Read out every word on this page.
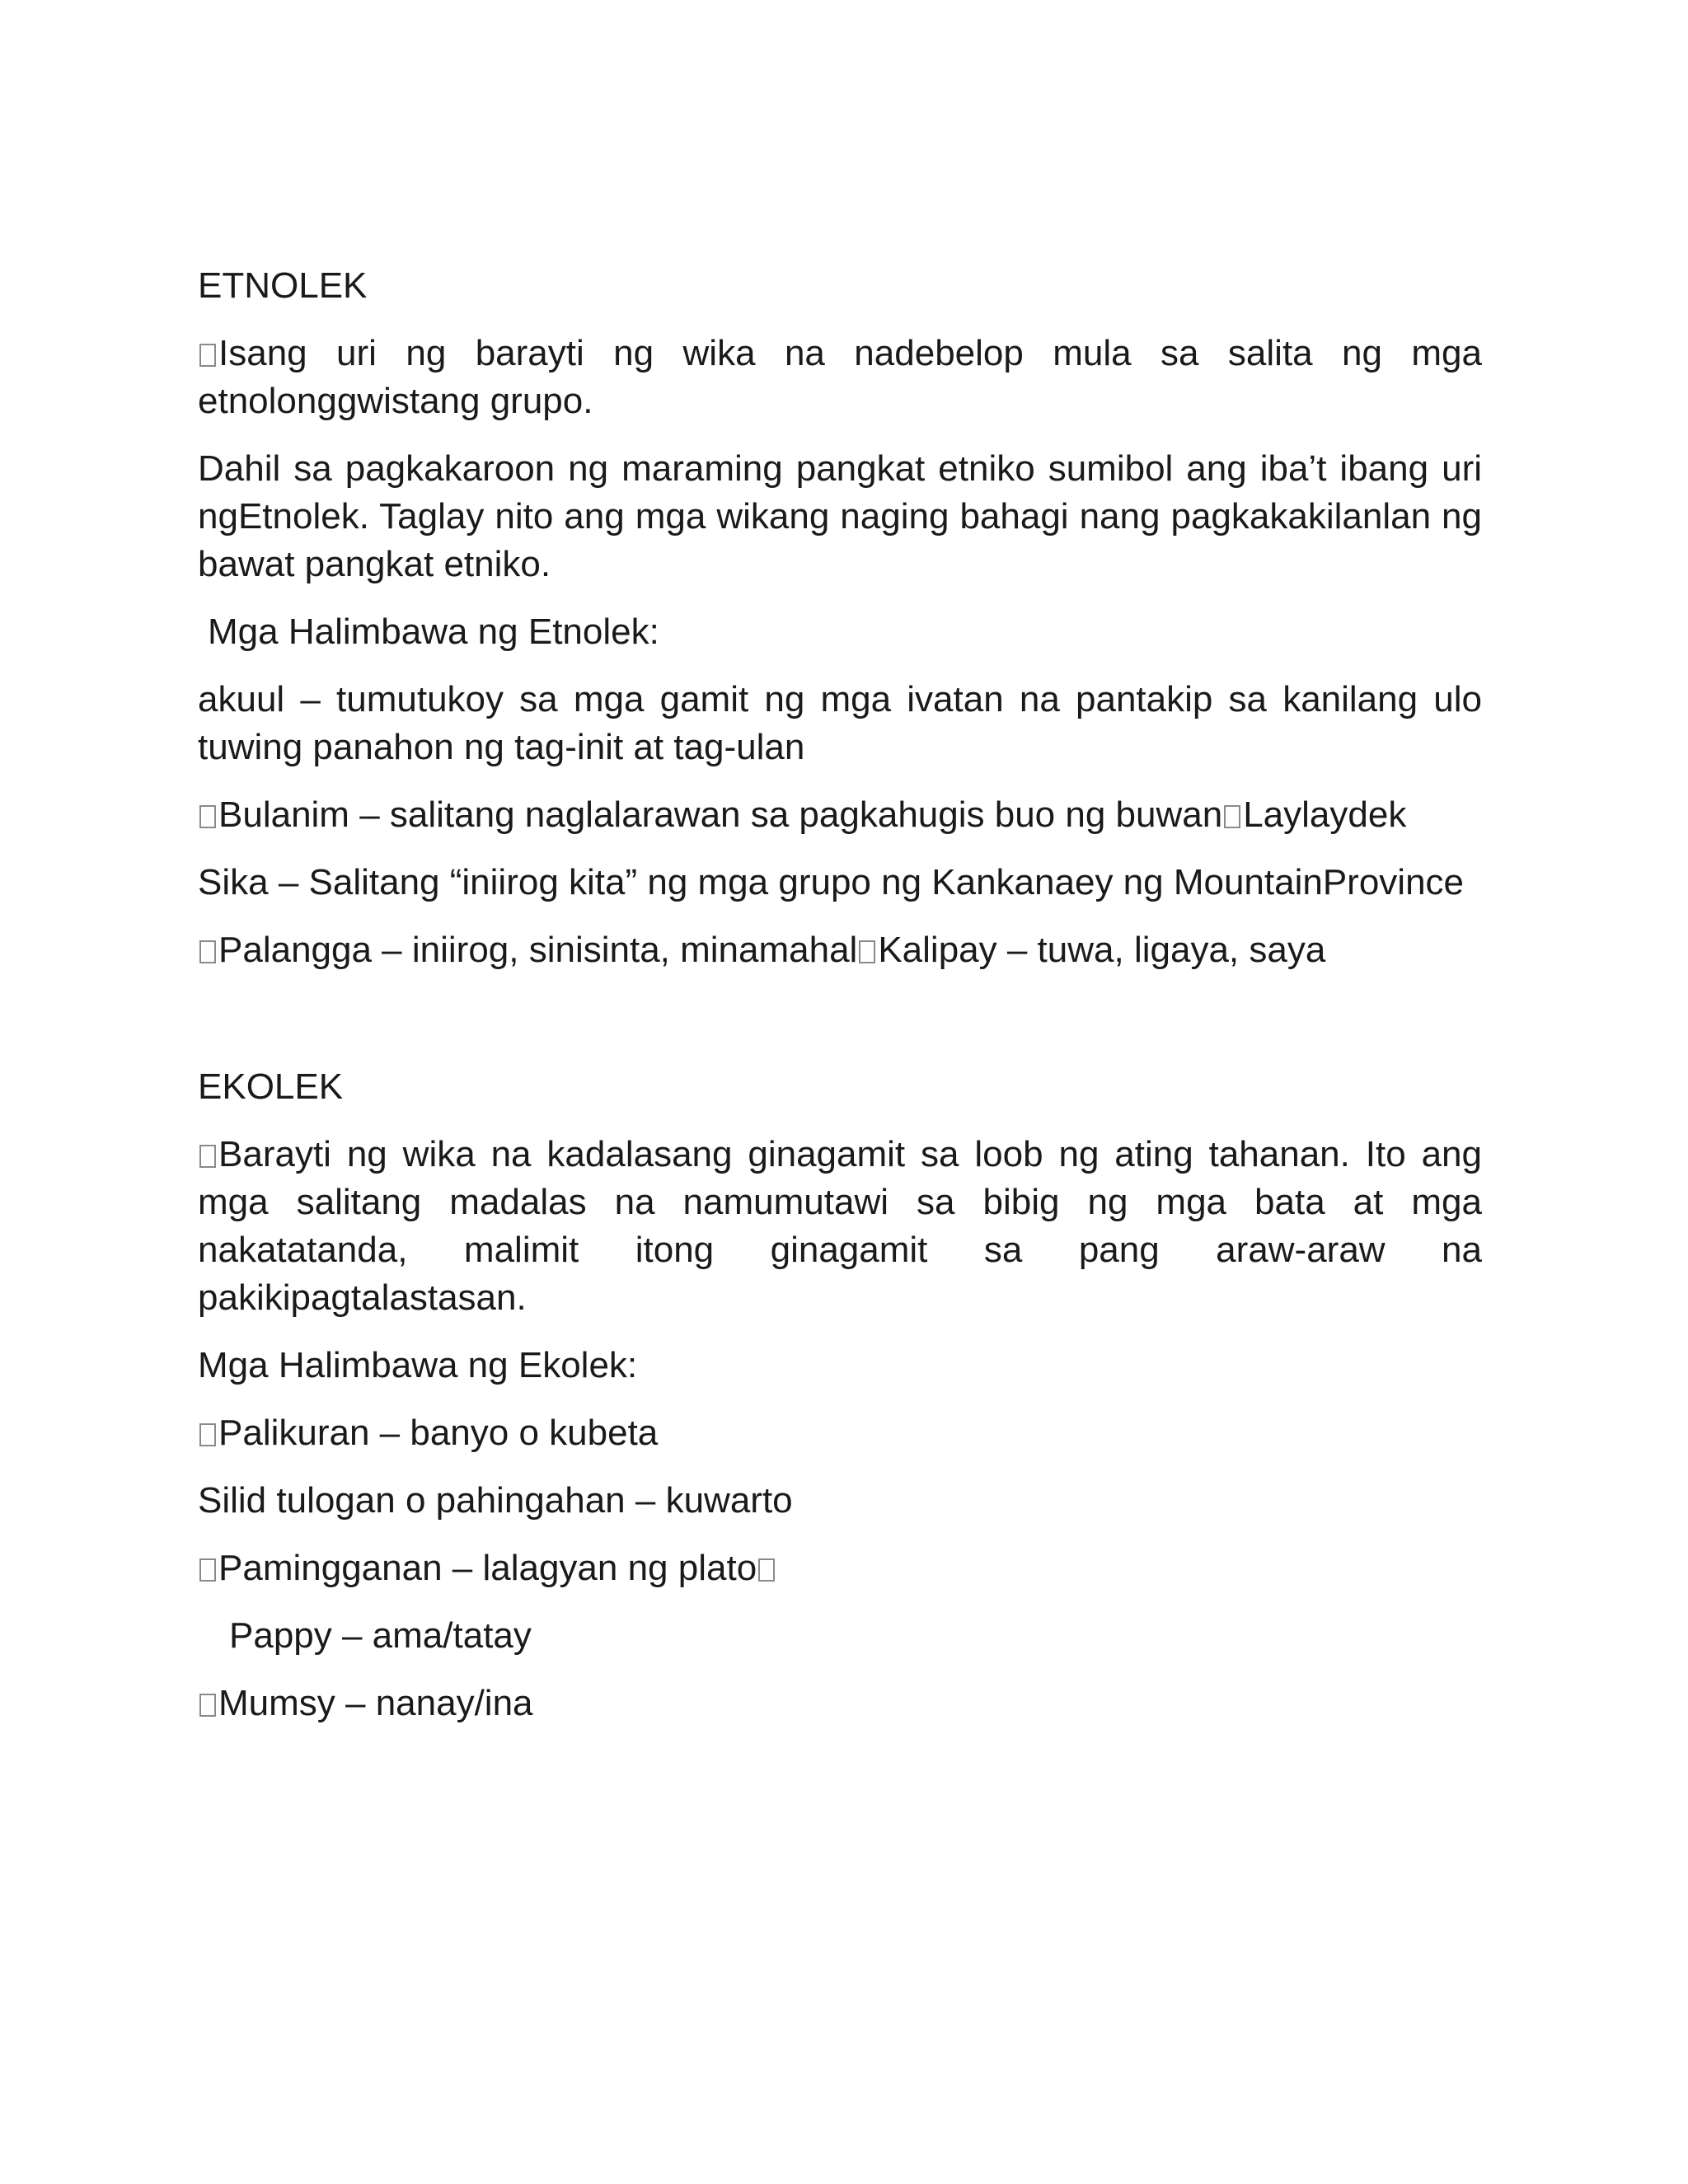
ETNOLEK

Isang uri ng barayti ng wika na nadebelop mula sa salita ng mga etnolonggwistang grupo.

Dahil sa pagkakaroon ng maraming pangkat etniko sumibol ang iba’t ibang uri ngEtnolek. Taglay nito ang mga wikang naging bahagi nang pagkakakilanlan ng bawat pangkat etniko.

Mga Halimbawa ng Etnolek:

akuul – tumutukoy sa mga gamit ng mga ivatan na pantakip sa kanilang ulo tuwing panahon ng tag-init at tag-ulan

Bulanim – salitang naglalarawan sa pagkahugis buo ng buwan Laylaydek

Sika – Salitang “iniirog kita” ng mga grupo ng Kankanaey ng MountainProvince

Palangga – iniirog, sinisinta, minamahal Kalipay – tuwa, ligaya, saya

EKOLEK

Barayti ng wika na kadalasang ginagamit sa loob ng ating tahanan. Ito ang mga salitang madalas na namumutawi sa bibig ng mga bata at mga nakatatanda, malimit itong ginagamit sa pang araw-araw na pakikipagtalastasan.

Mga Halimbawa ng Ekolek:

Palikuran – banyo o kubeta

Silid tulogan o pahingahan – kuwarto

Pamingganan – lalagyan ng plato

Pappy – ama/tatay

Mumsy – nanay/ina
